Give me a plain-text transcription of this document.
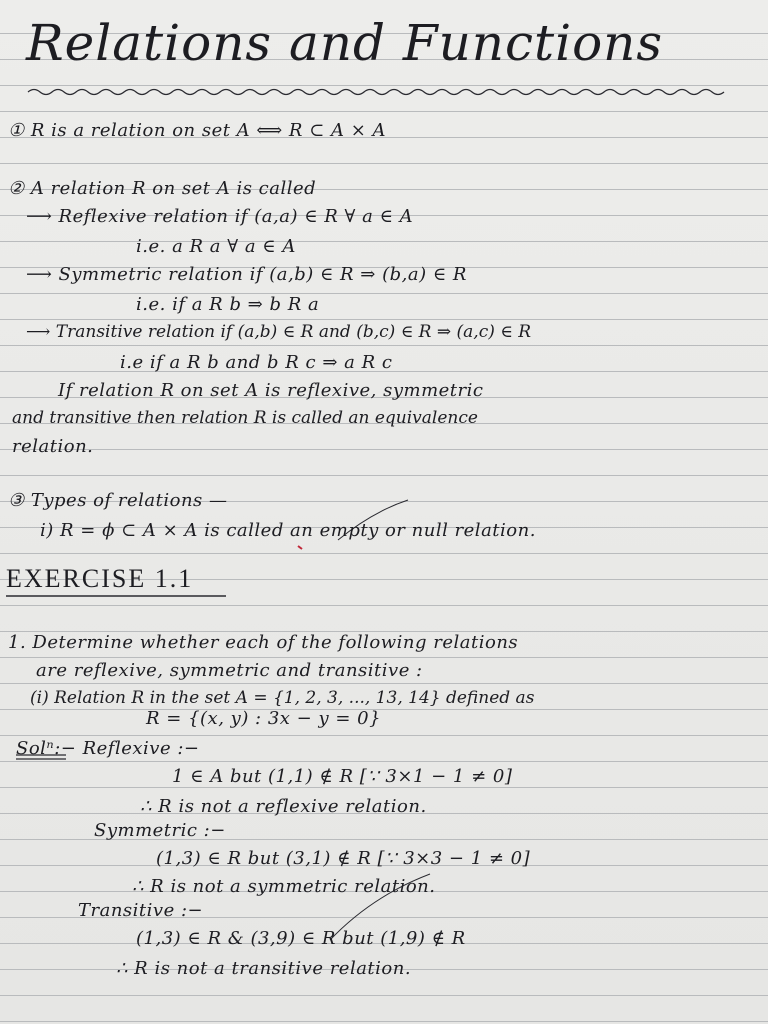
Relations and Functions
① R is a relation on set A ⟺ R ⊂ A × A
② A relation R on set A is called
⟶ Reflexive relation if (a,a) ∈ R ∀ a ∈ A
i.e. a R a ∀ a ∈ A
⟶ Symmetric relation if (a,b) ∈ R ⇒ (b,a) ∈ R
i.e. if a R b ⇒ b R a
⟶ Transitive relation if (a,b) ∈ R and (b,c) ∈ R ⇒ (a,c) ∈ R
i.e if a R b and b R c ⇒ a R c
If relation R on set A is reflexive, symmetric
and transitive then relation R is called an equivalence
relation.
③ Types of relations —
i) R = ϕ ⊂ A × A is called an empty or null relation.
EXERCISE 1.1
1. Determine whether each of the following relations
are reflexive, symmetric and transitive :
(i) Relation R in the set A = {1, 2, 3, ..., 13, 14} defined as
R = {(x, y) : 3x − y = 0}
Solⁿ:− Reflexive :−
1 ∈ A but (1,1) ∉ R [∵ 3×1 − 1 ≠ 0]
∴ R is not a reflexive relation.
Symmetric :−
(1,3) ∈ R but (3,1) ∉ R [∵ 3×3 − 1 ≠ 0]
∴ R is not a symmetric relation.
Transitive :−
(1,3) ∈ R & (3,9) ∈ R but (1,9) ∉ R
∴ R is not a transitive relation.
